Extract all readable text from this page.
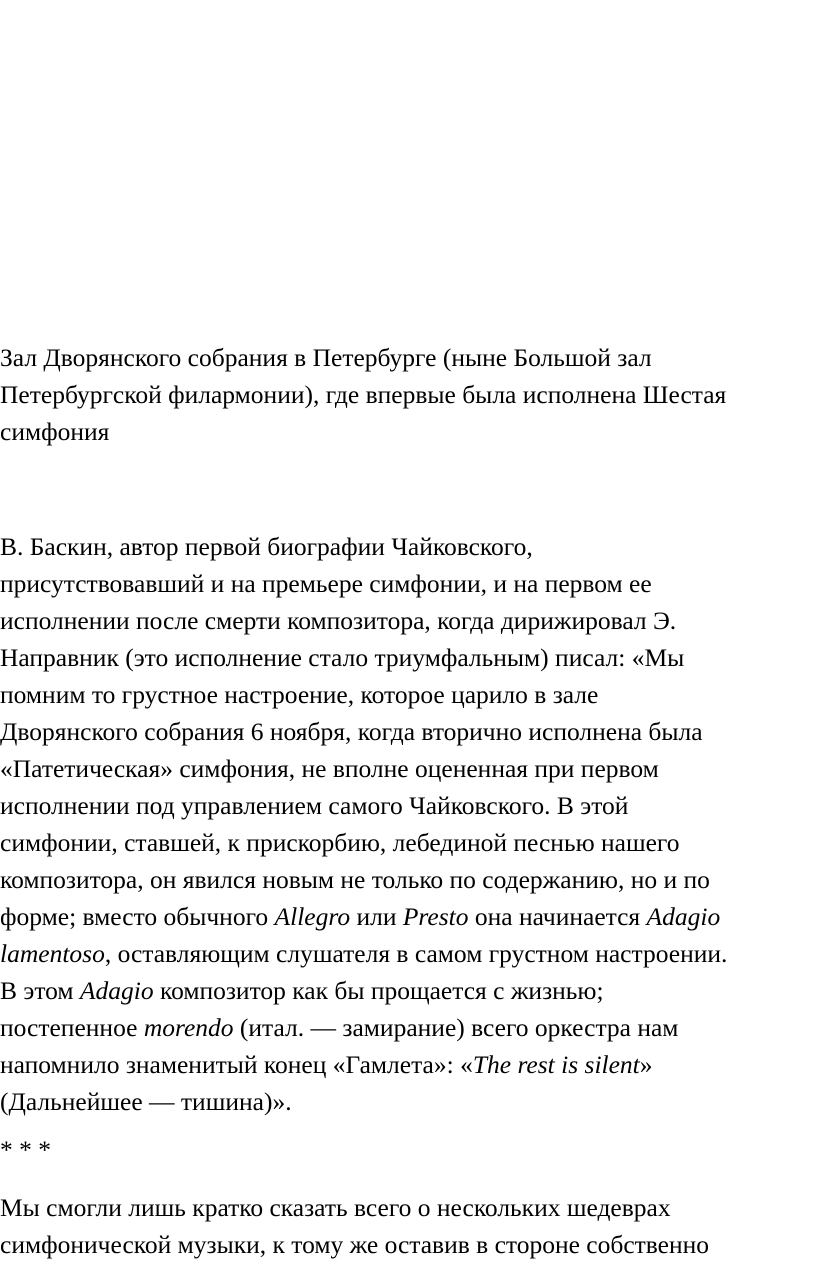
Зал Дворянского собрания в Петербурге (ныне Большой зал
Петербургской филармонии), где впервые была исполнена Шестая
симфония

В. Баскин, автор первой биографии Чайковского,
присутствовавший и на премьере симфонии, и на первом ее
исполнении после смерти композитора, когда дирижировал Э.
Направник (это исполнение стало триумфальным) писал: «Мы
помним то грустное настроение, которое царило в зале
Дворянского собрания 6 ноября, когда вторично исполнена была
«Патетическая» симфония, не вполне оцененная при первом
исполнении под управлением самого Чайковского. В этой
симфонии, ставшей, к прискорбию, лебединой песнью нашего
композитора, он явился новым не только по содержанию, но и по
форме; вместо обычного Allegro или Presto она начинается Adagio
lamentoso, оставляющим слушателя в самом грустном настроении.
В этом Adagio композитор как бы прощается с жизнью;
постепенное morendo (итал. — замирание) всего оркестра нам
напомнило знаменитый конец «Гамлета»: «The rest is silent»
(Дальнейшее — тишина)».

* * *

Мы смогли лишь кратко сказать всего о нескольких шедеврах
симфонической музыки, к тому же оставив в стороне собственно
